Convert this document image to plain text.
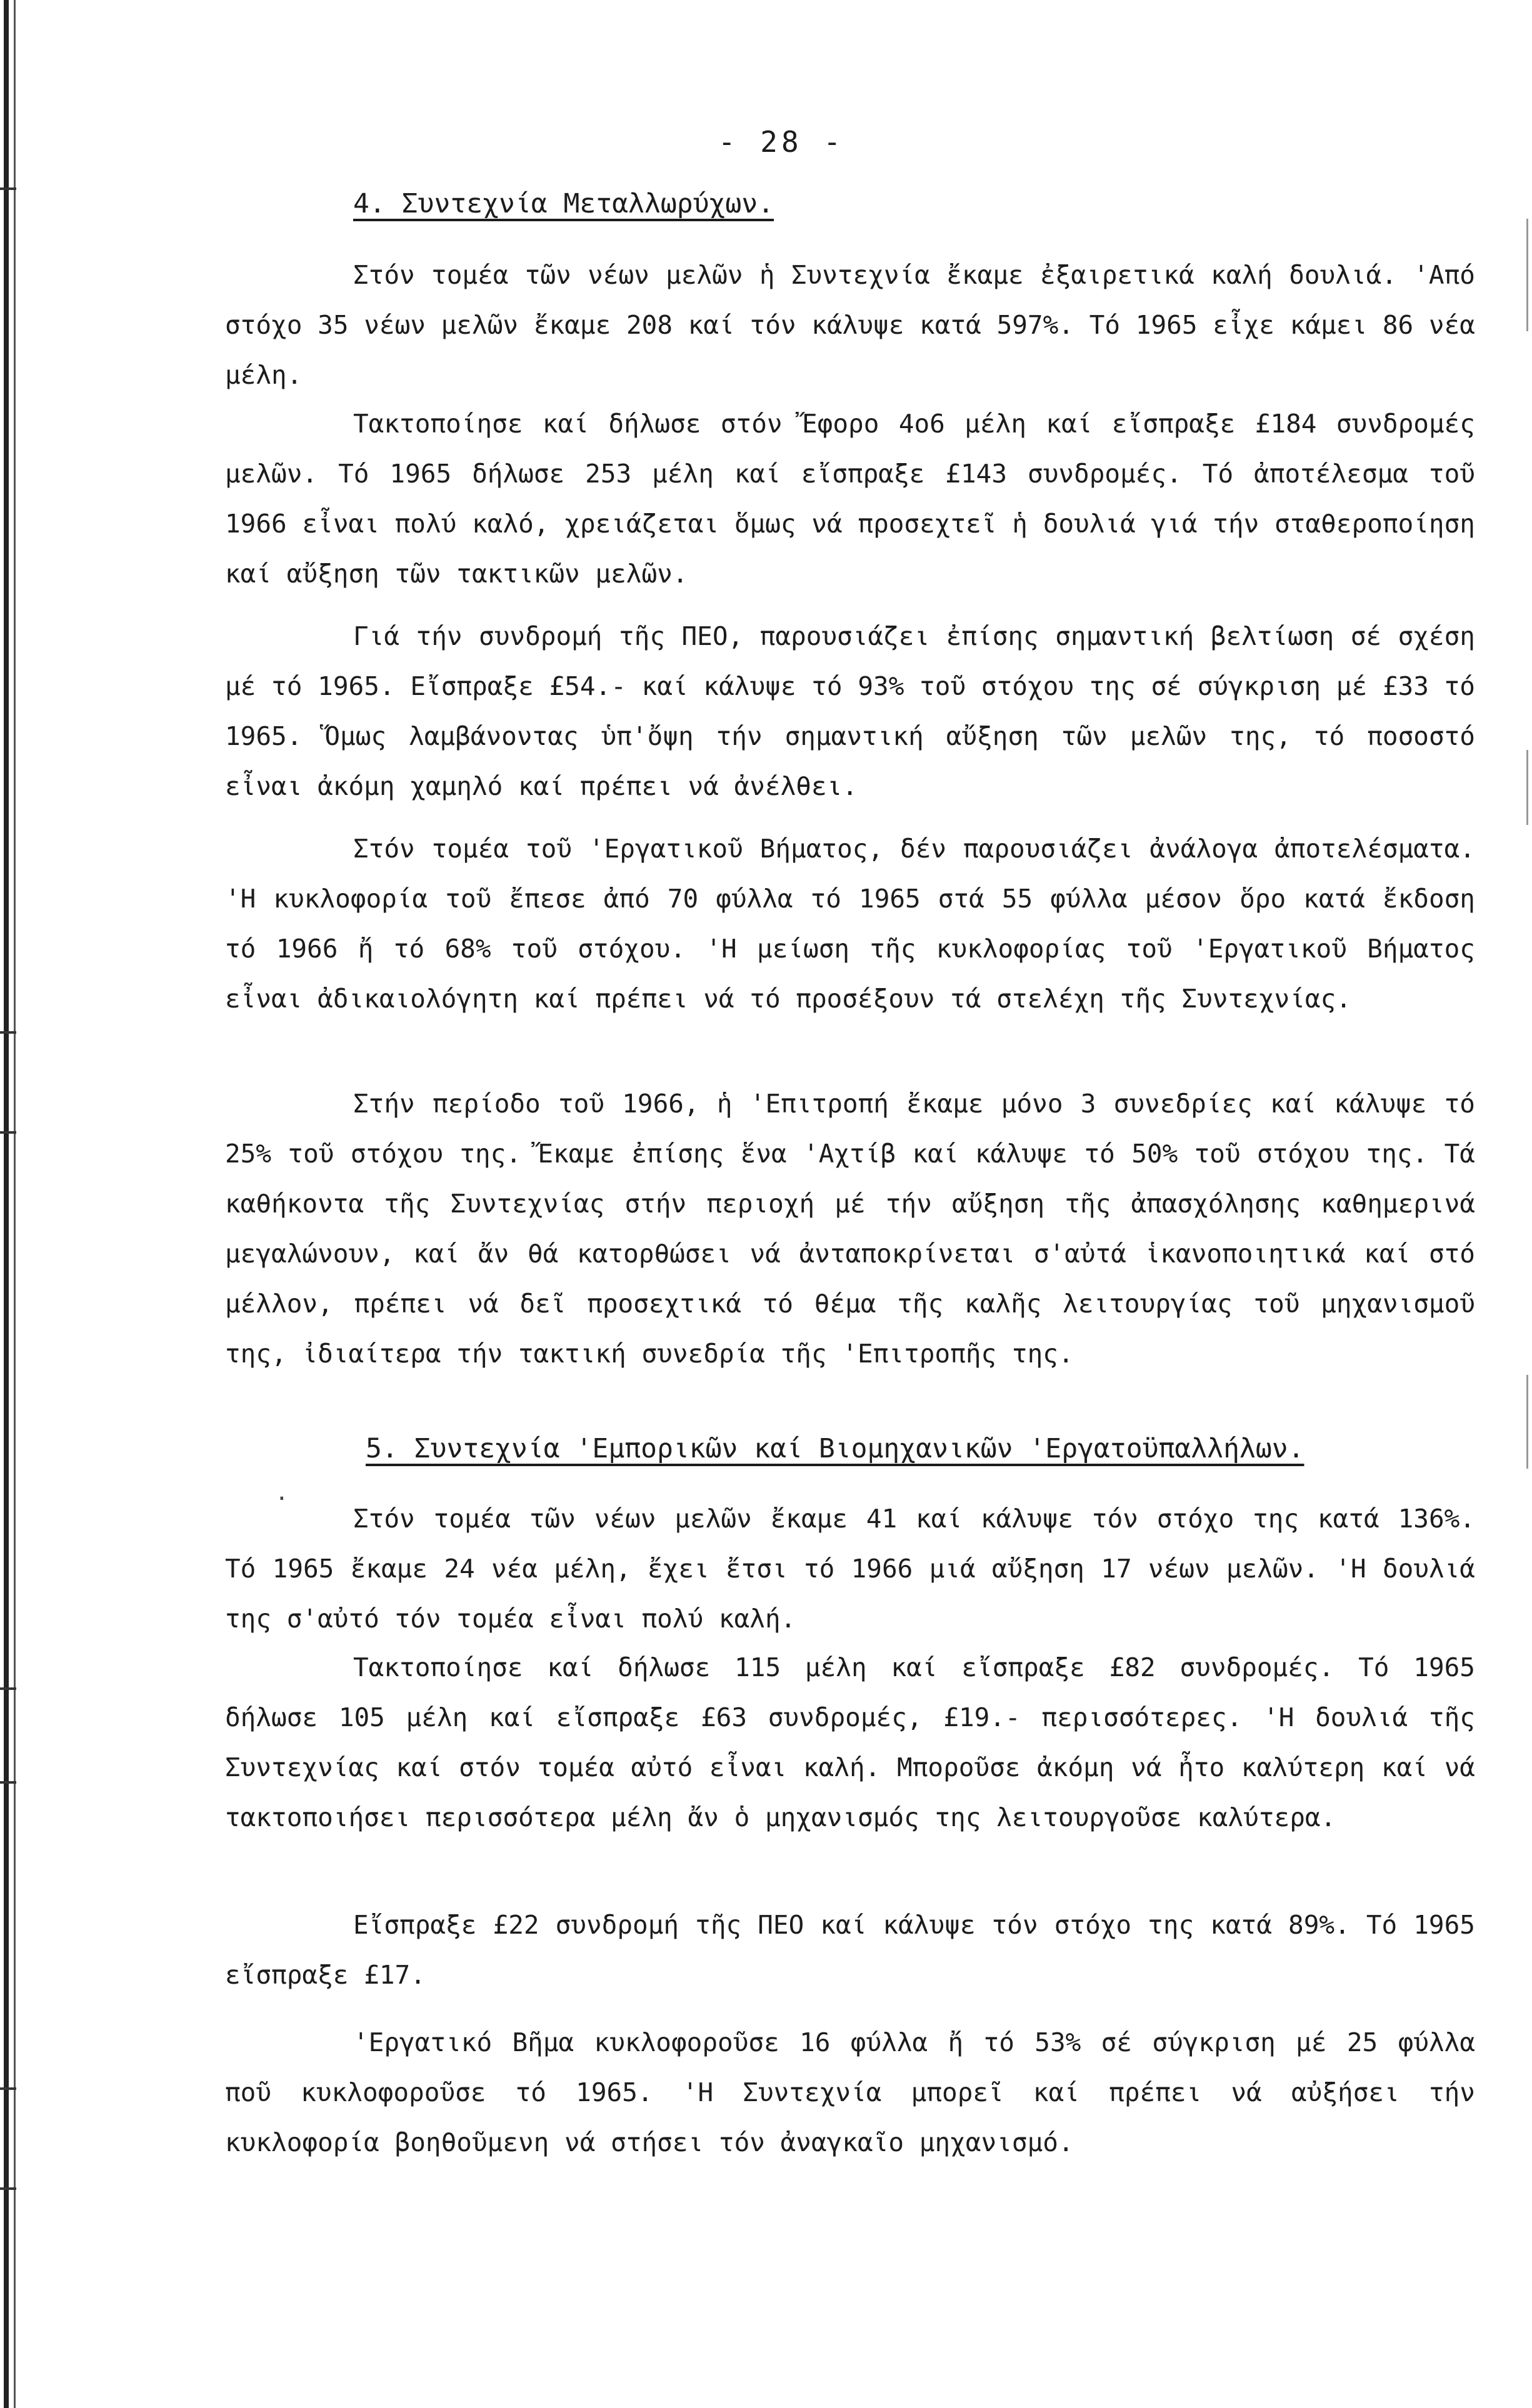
- 28 -
4. Συντεχνία Μεταλλωρύχων.

Στόν τομέα τῶν νέων μελῶν ἡ Συντεχνία ἔκαμε ἐξαιρετικά καλή δουλιά. 'Από στόχο 35 νέων μελῶν ἔκαμε 208 καί τόν κάλυψε κατά 597%. Τό 1965 εἶχε κάμει 86 νέα μέλη.

Τακτοποίησε καί δήλωσε στόν Ἔφορο 4ο6 μέλη καί εἴσπραξε £184 συνδρομές μελῶν. Τό 1965 δήλωσε 253 μέλη καί εἴσπραξε £143 συνδρομές. Τό ἀποτέλεσμα τοῦ 1966 εἶναι πολύ καλό, χρειάζεται ὅμως νά προσεχτεῖ ἡ δουλιά γιά τήν σταθεροποίηση καί αὔξηση τῶν τακτικῶν μελῶν.

Γιά τήν συνδρομή τῆς ΠΕΟ, παρουσιάζει ἐπίσης σημαντική βελτίωση σέ σχέση μέ τό 1965. Εἴσπραξε £54.- καί κάλυψε τό 93% τοῦ στόχου της σέ σύγκριση μέ £33 τό 1965. Ὅμως λαμβάνοντας ὑπ'ὄψη τήν σημαντική αὔξηση τῶν μελῶν της, τό ποσοστό εἶναι ἀκόμη χαμηλό καί πρέπει νά ἀνέλθει.

Στόν τομέα τοῦ 'Εργατικοῦ Βήματος, δέν παρουσιάζει ἀνάλογα ἀποτελέσματα. 'Η κυκλοφορία τοῦ ἔπεσε ἀπό 70 φύλλα τό 1965 στά 55 φύλλα μέσον ὅρο κατά ἔκδοση τό 1966 ἤ τό 68% τοῦ στόχου. 'Η μείωση τῆς κυκλοφορίας τοῦ 'Εργατικοῦ Βήματος εἶναι ἀδικαιολόγητη καί πρέπει νά τό προσέξουν τά στελέχη τῆς Συντεχνίας.

Στήν περίοδο τοῦ 1966, ἡ 'Επιτροπή ἔκαμε μόνο 3 συνεδρίες καί κάλυψε τό 25% τοῦ στόχου της. Ἔκαμε ἐπίσης ἕνα 'Αχτίβ καί κάλυψε τό 50% τοῦ στόχου της. Τά καθήκοντα τῆς Συντεχνίας στήν περιοχή μέ τήν αὔξηση τῆς ἀπασχόλησης καθημερινά μεγαλώνουν, καί ἄν θά κατορθώσει νά ἀνταποκρίνεται σ'αὐτά ἱκανοποιητικά καί στό μέλλον, πρέπει νά δεῖ προσεχτικά τό θέμα τῆς καλῆς λειτουργίας τοῦ μηχανισμοῦ της, ἰδιαίτερα τήν τακτική συνεδρία τῆς 'Επιτροπῆς της.

5. Συντεχνία 'Εμπορικῶν καί Βιομηχανικῶν 'Εργατοϋπαλλήλων.
·

Στόν τομέα τῶν νέων μελῶν ἔκαμε 41 καί κάλυψε τόν στόχο της κατά 136%. Τό 1965 ἔκαμε 24 νέα μέλη, ἔχει ἔτσι τό 1966 μιά αὔξηση 17 νέων μελῶν. 'Η δουλιά της σ'αὐτό τόν τομέα εἶναι πολύ καλή.

Τακτοποίησε καί δήλωσε 115 μέλη καί εἴσπραξε £82 συνδρομές. Τό 1965 δήλωσε 105 μέλη καί εἴσπραξε £63 συνδρομές, £19.- περισσότερες. 'Η δουλιά τῆς Συντεχνίας καί στόν τομέα αὐτό εἶναι καλή. Μποροῦσε ἀκόμη νά ἦτο καλύτερη καί νά τακτοποιήσει περισσότερα μέλη ἄν ὁ μηχανισμός της λειτουργοῦσε καλύτερα.

Εἴσπραξε £22 συνδρομή τῆς ΠΕΟ καί κάλυψε τόν στόχο της κατά 89%. Τό 1965 εἴσπραξε £17.

'Εργατικό Βῆμα κυκλοφοροῦσε 16 φύλλα ἤ τό 53% σέ σύγκριση μέ 25 φύλλα ποῦ κυκλοφοροῦσε τό 1965. 'Η Συντεχνία μπορεῖ καί πρέπει νά αὐξήσει τήν κυκλοφορία βοηθοῦμενη νά στήσει τόν ἀναγκαῖο μηχανισμό.
